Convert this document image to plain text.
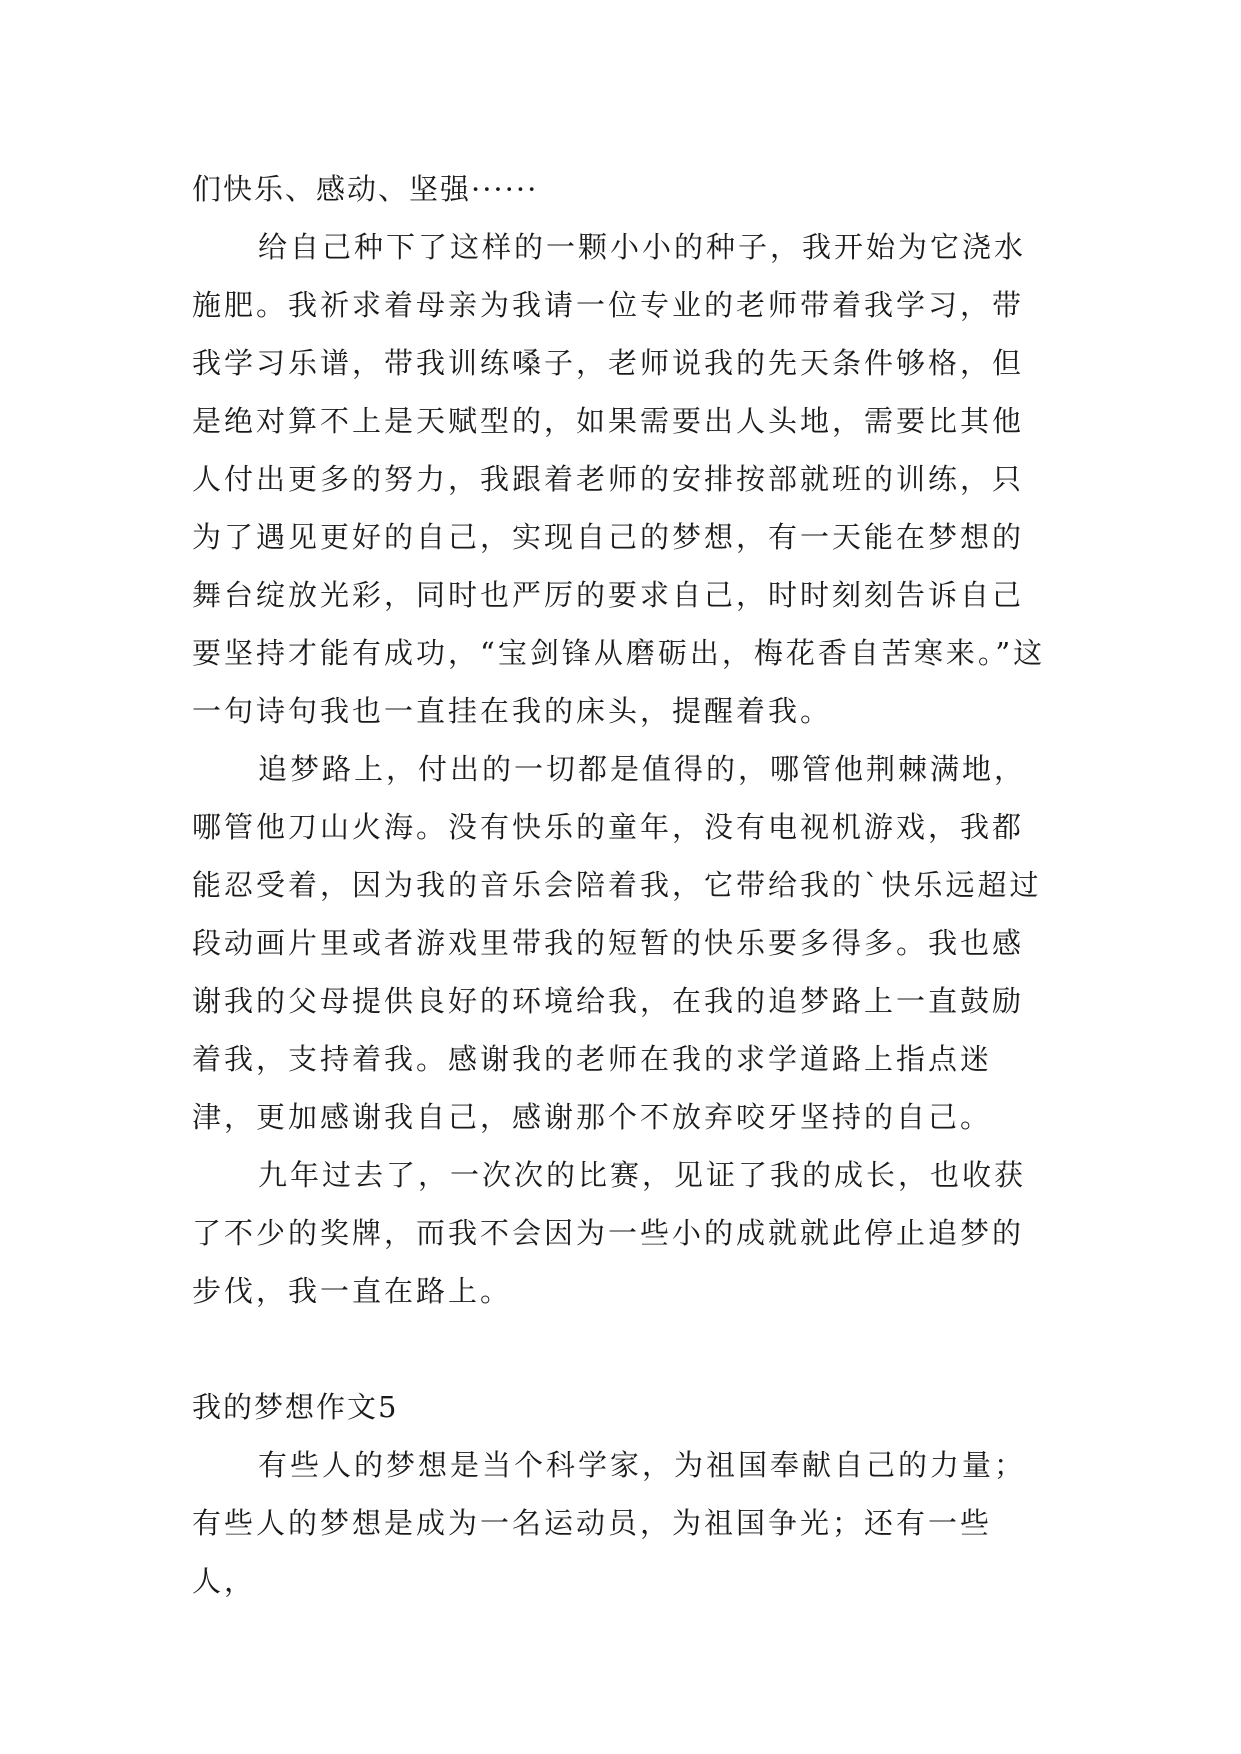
们快乐、感动、坚强······

给自己种下了这样的一颗小小的种子，我开始为它浇水施肥。我祈求着母亲为我请一位专业的老师带着我学习，带我学习乐谱，带我训练嗓子，老师说我的先天条件够格，但是绝对算不上是天赋型的，如果需要出人头地，需要比其他人付出更多的努力，我跟着老师的安排按部就班的训练，只为了遇见更好的自己，实现自己的梦想，有一天能在梦想的舞台绽放光彩，同时也严厉的要求自己，时时刻刻告诉自己要坚持才能有成功，“宝剑锋从磨砺出，梅花香自苦寒来。”这一句诗句我也一直挂在我的床头，提醒着我。

追梦路上，付出的一切都是值得的，哪管他荆棘满地，哪管他刀山火海。没有快乐的童年，没有电视机游戏，我都能忍受着，因为我的音乐会陪着我，它带给我的`快乐远超过段动画片里或者游戏里带我的短暂的快乐要多得多。我也感谢我的父母提供良好的环境给我，在我的追梦路上一直鼓励着我，支持着我。感谢我的老师在我的求学道路上指点迷津，更加感谢我自己，感谢那个不放弃咬牙坚持的自己。

九年过去了，一次次的比赛，见证了我的成长，也收获了不少的奖牌，而我不会因为一些小的成就就此停止追梦的步伐，我一直在路上。

我的梦想作文5

有些人的梦想是当个科学家，为祖国奉献自己的力量；有些人的梦想是成为一名运动员，为祖国争光；还有一些人，
